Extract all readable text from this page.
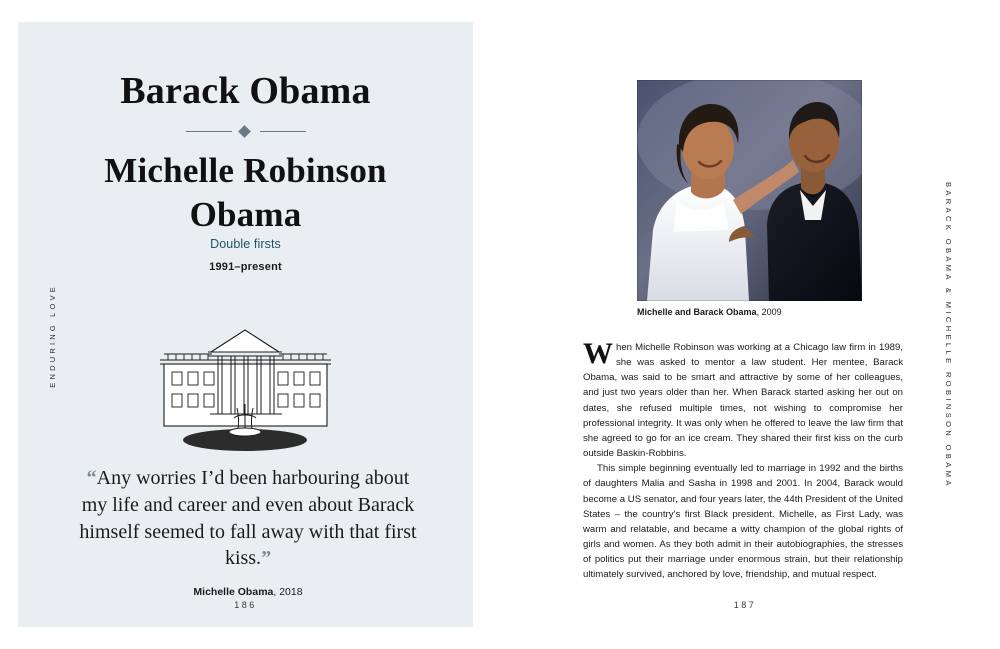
ENDURING LOVE
Barack Obama
Michelle Robinson
Obama
Double firsts
1991–present
“Any worries I’d been harbouring about my life and career and even about Barack himself seemed to fall away with that first kiss.”
Michelle Obama, 2018
186
Michelle and Barack Obama, 2009

When Michelle Robinson was working at a Chicago law firm in 1989, she was asked to mentor a law student. Her mentee, Barack Obama, was said to be smart and attractive by some of her colleagues, and just two years older than her. When Barack started asking her out on dates, she refused multiple times, not wishing to compromise her professional integrity. It was only when he offered to leave the law firm that she agreed to go for an ice cream. They shared their first kiss on the curb outside Baskin-Robbins.

This simple beginning eventually led to marriage in 1992 and the births of daughters Malia and Sasha in 1998 and 2001. In 2004, Barack would become a US senator, and four years later, the 44th President of the United States – the country’s first Black president. Michelle, as First Lady, was warm and relatable, and became a witty champion of the global rights of girls and women. As they both admit in their autobiographies, the stresses of politics put their marriage under enormous strain, but their relationship ultimately survived, anchored by love, friendship, and mutual respect.

187
BARACK OBAMA & MICHELLE ROBINSON OBAMA
